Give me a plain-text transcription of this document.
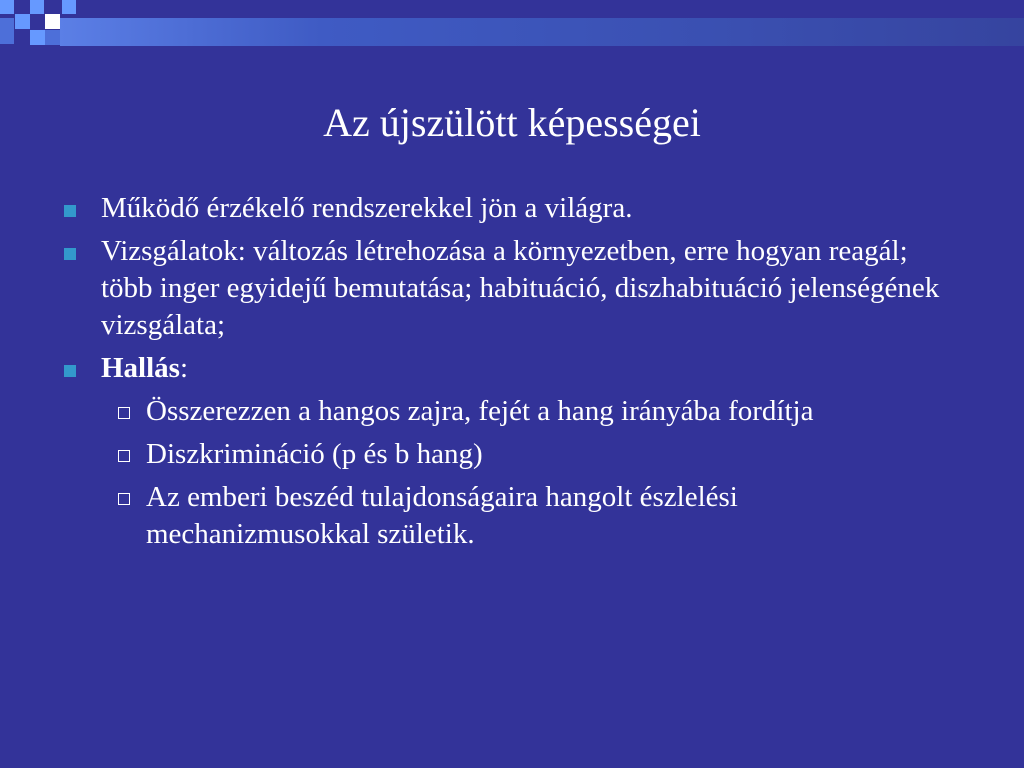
Az újszülött képességei
Működő érzékelő rendszerekkel jön a világra.
Vizsgálatok: változás létrehozása a környezetben, erre hogyan reagál; több inger egyidejű bemutatása; habituáció, diszhabituáció jelenségének vizsgálata;
Hallás:
Összerezzen a hangos zajra, fejét a hang irányába fordítja
Diszkrimináció (p és b hang)
Az emberi beszéd tulajdonságaira hangolt észlelési mechanizmusokkal születik.
